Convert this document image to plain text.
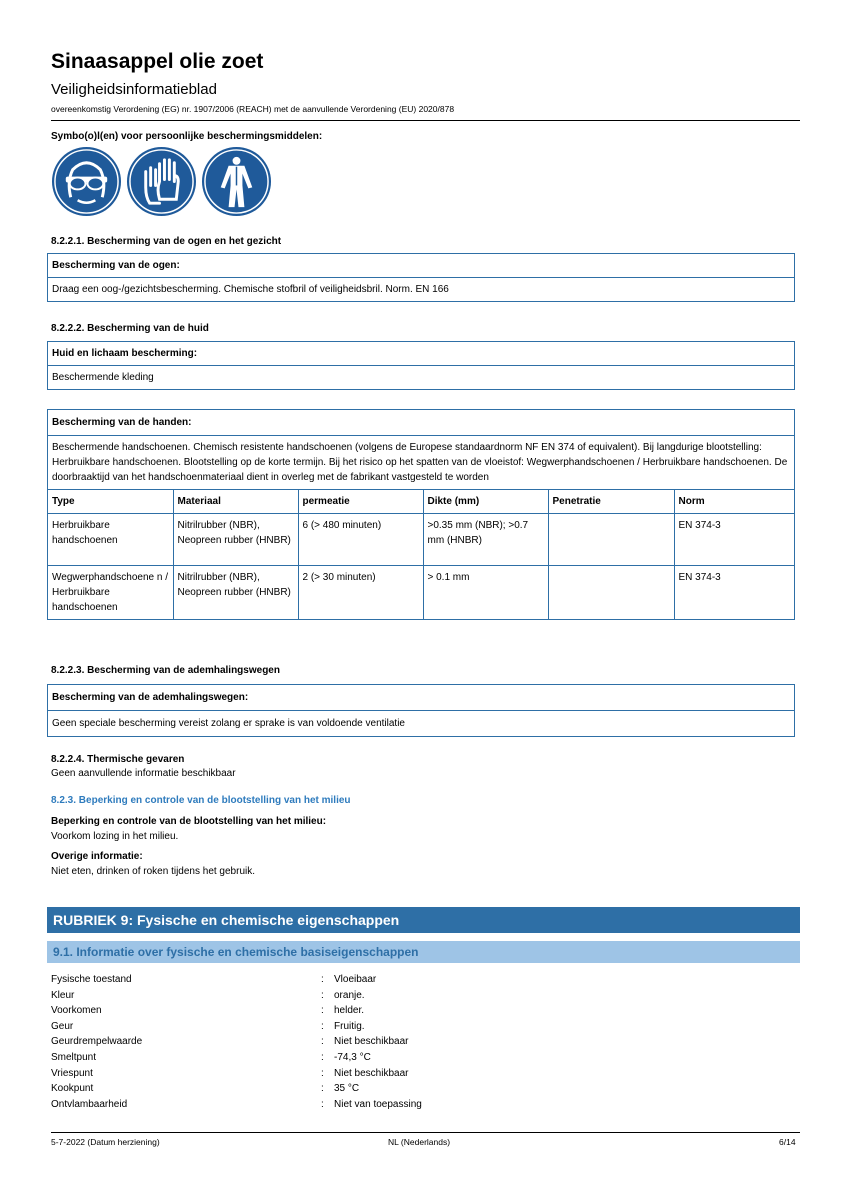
Sinaasappel olie zoet
Veiligheidsinformatieblad
overeenkomstig Verordening (EG) nr. 1907/2006 (REACH) met de aanvullende Verordening (EU) 2020/878
Symbo(o)l(en) voor persoonlijke beschermingsmiddelen:
8.2.2.1. Bescherming van de ogen en het gezicht
Bescherming van de ogen:
Draag een oog-/gezichtsbescherming. Chemische stofbril of veiligheidsbril. Norm. EN 166
8.2.2.2. Bescherming van de huid
Huid en lichaam bescherming:
Beschermende kleding
Bescherming van de handen:
Beschermende handschoenen. Chemisch resistente handschoenen (volgens de Europese standaardnorm NF EN 374 of equivalent). Bij langdurige blootstelling: Herbruikbare handschoenen. Blootstelling op de korte termijn. Bij het risico op het spatten van de vloeistof: Wegwerphandschoenen / Herbruikbare handschoenen. De doorbraaktijd van het handschoenmateriaal dient in overleg met de fabrikant vastgesteld te worden
Type	Materiaal	permeatie	Dikte (mm)	Penetratie	Norm
Herbruikbare handschoenen	Nitrilrubber (NBR), Neopreen rubber (HNBR)	6 (> 480 minuten)	>0.35 mm (NBR); >0.7 mm (HNBR)		EN 374-3
Wegwerphandschoene n / Herbruikbare handschoenen	Nitrilrubber (NBR), Neopreen rubber (HNBR)	2 (> 30 minuten)	> 0.1 mm		EN 374-3
8.2.2.3. Bescherming van de ademhalingswegen
Bescherming van de ademhalingswegen:
Geen speciale bescherming vereist zolang er sprake is van voldoende ventilatie
8.2.2.4. Thermische gevaren
Geen aanvullende informatie beschikbaar
8.2.3. Beperking en controle van de blootstelling van het milieu
Beperking en controle van de blootstelling van het milieu:
Voorkom lozing in het milieu.
Overige informatie:
Niet eten, drinken of roken tijdens het gebruik.
RUBRIEK 9: Fysische en chemische eigenschappen
9.1. Informatie over fysische en chemische basiseigenschappen
Fysische toestand	:	Vloeibaar
Kleur	:	oranje.
Voorkomen	:	helder.
Geur	:	Fruitig.
Geurdrempelwaarde	:	Niet beschikbaar
Smeltpunt	:	-74,3 °C
Vriespunt	:	Niet beschikbaar
Kookpunt	:	35 °C
Ontvlambaarheid	:	Niet van toepassing
5-7-2022 (Datum herziening)	NL (Nederlands)	6/14
